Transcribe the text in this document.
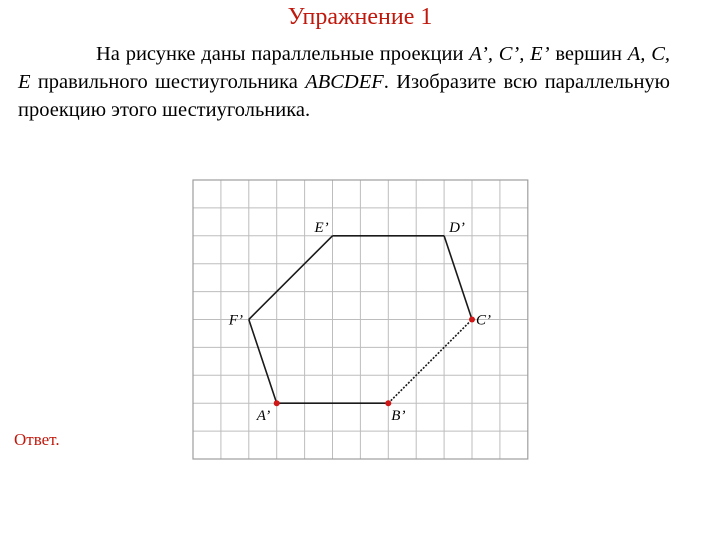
Упражнение 1
На рисунке даны параллельные проекции A’, C’, E’ вершин A, C, E правильного шестиугольника ABCDEF. Изобразите всю параллельную проекцию этого шестиугольника.
Ответ.
A’	B’
C’
D’
E’
F’
